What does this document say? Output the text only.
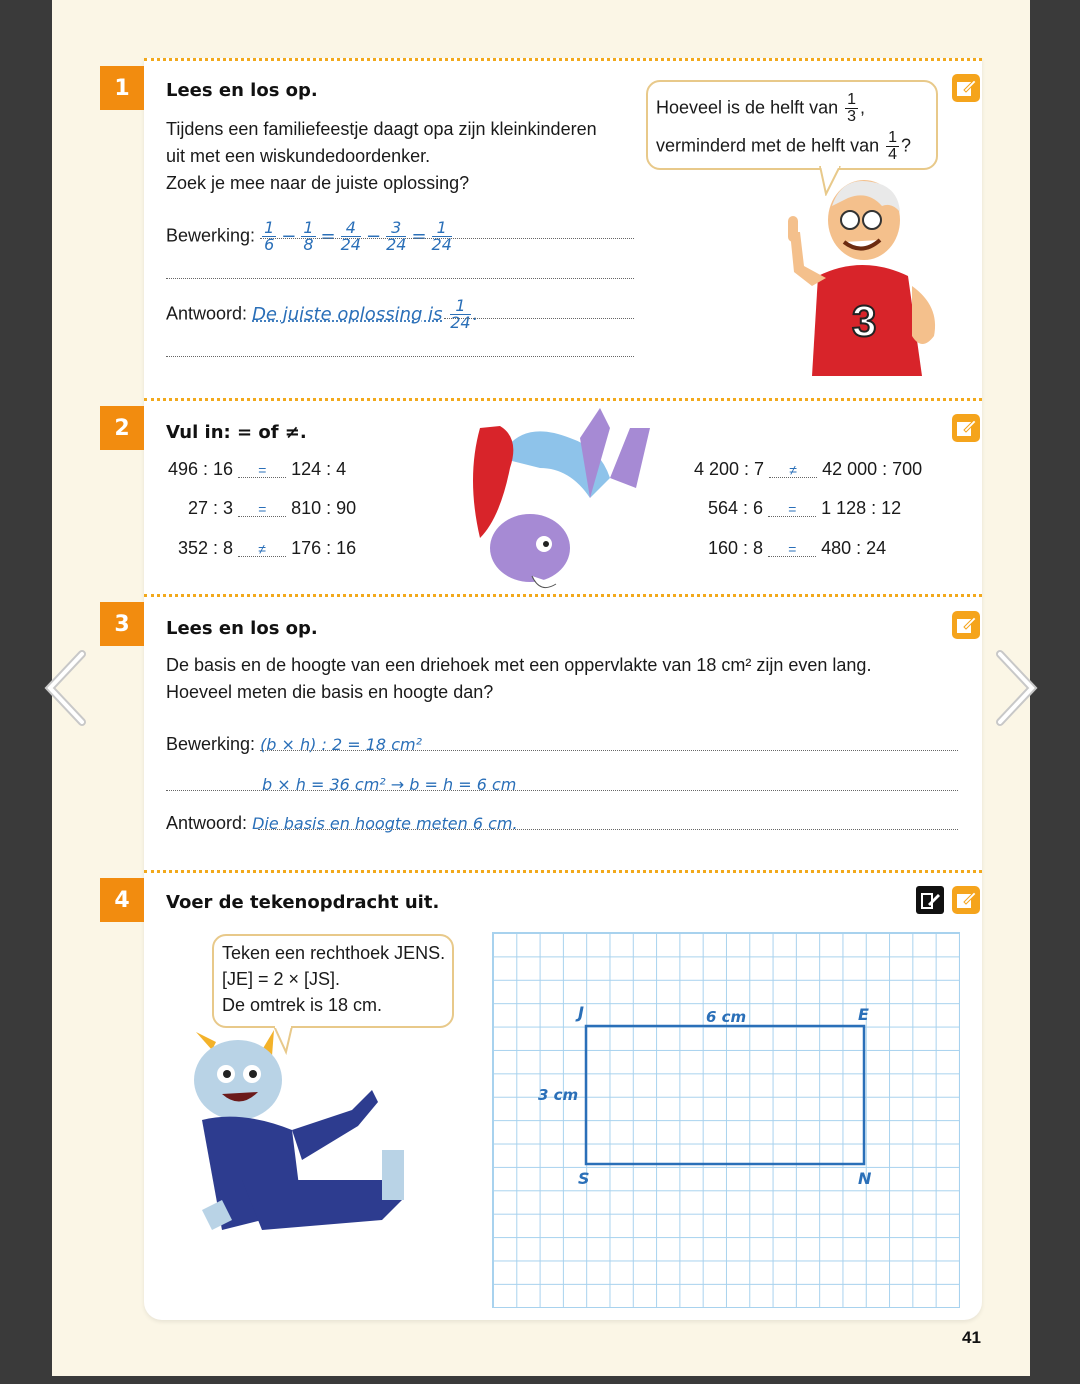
1	Lees en los op.
Tijdens een familiefeestje daagt opa zijn kleinkinderen
uit met een wiskundedoordenker.
Zoek je mee naar de juiste oplossing?
Hoeveel is de helft van $\frac{1}{3}$ ,
verminderd met de helft van $\frac{1}{4}$ ?
3
Bewerking: $\frac{1}{6} - \frac{1}{8} = \frac{4}{24} - \frac{3}{24} = \frac{1}{24}$
Antwoord: De juiste oplossing is $\frac{1}{24}$ .
2	Vul in: = of ≠.
496 : 16 = 124 : 4
27 : 3 = 810 : 90
352 : 8 ≠ 176 : 16
4 200 : 7 ≠ 42 000 : 700
564 : 6 = 1 128 : 12
160 : 8 = 480 : 24
3	Lees en los op.
De basis en de hoogte van een driehoek met een oppervlakte van 18 cm² zijn even lang.
Hoeveel meten die basis en hoogte dan?
Bewerking: (b × h) : 2 = 18 cm²
b × h = 36 cm² → b = h = 6 cm
Antwoord: Die basis en hoogte meten 6 cm.
4	Voer de tekenopdracht uit.
Teken een rechthoek JENS.
[JE] = 2 × [JS].
De omtrek is 18 cm.	J	E
N
S
6 cm
3 cm
41
